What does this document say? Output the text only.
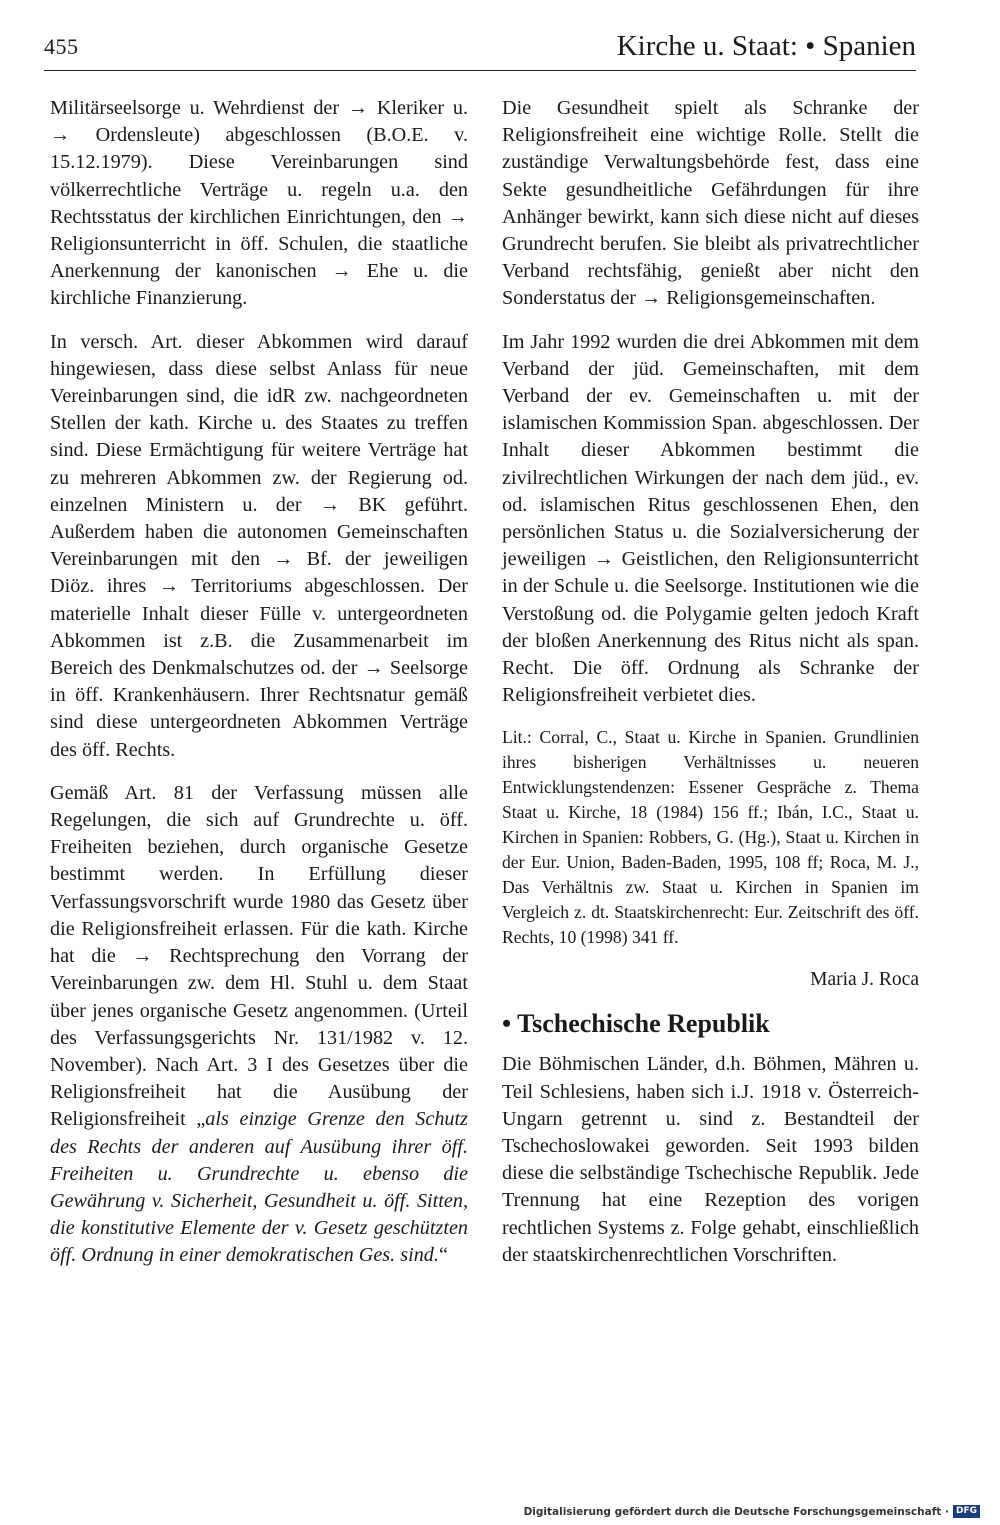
455	Kirche u. Staat: • Spanien

Militärseelsorge u. Wehrdienst der → Kleriker u. → Ordensleute) abgeschlossen (B.O.E. v. 15.12.1979). Diese Vereinbarungen sind völkerrechtliche Verträge u. regeln u.a. den Rechtsstatus der kirchlichen Einrichtungen, den → Religionsunterricht in öff. Schulen, die staatliche Anerkennung der kanonischen → Ehe u. die kirchliche Finanzierung.

In versch. Art. dieser Abkommen wird darauf hingewiesen, dass diese selbst Anlass für neue Vereinbarungen sind, die idR zw. nachgeordneten Stellen der kath. Kirche u. des Staates zu treffen sind. Diese Ermächtigung für weitere Verträge hat zu mehreren Abkommen zw. der Regierung od. einzelnen Ministern u. der → BK geführt. Außerdem haben die autonomen Gemeinschaften Vereinbarungen mit den → Bf. der jeweiligen Diöz. ihres → Territoriums abgeschlossen. Der materielle Inhalt dieser Fülle v. untergeordneten Abkommen ist z.B. die Zusammenarbeit im Bereich des Denkmalschutzes od. der → Seelsorge in öff. Krankenhäusern. Ihrer Rechtsnatur gemäß sind diese untergeordneten Abkommen Verträge des öff. Rechts.

Gemäß Art. 81 der Verfassung müssen alle Regelungen, die sich auf Grundrechte u. öff. Freiheiten beziehen, durch organische Gesetze bestimmt werden. In Erfüllung dieser Verfassungsvorschrift wurde 1980 das Gesetz über die Religionsfreiheit erlassen. Für die kath. Kirche hat die → Rechtsprechung den Vorrang der Vereinbarungen zw. dem Hl. Stuhl u. dem Staat über jenes organische Gesetz angenommen. (Urteil des Verfassungsgerichts Nr. 131/1982 v. 12. November). Nach Art. 3 I des Gesetzes über die Religionsfreiheit hat die Ausübung der Religionsfreiheit „als einzige Grenze den Schutz des Rechts der anderen auf Ausübung ihrer öff. Freiheiten u. Grundrechte u. ebenso die Gewährung v. Sicherheit, Gesundheit u. öff. Sitten, die konstitutive Elemente der v. Gesetz geschützten öff. Ordnung in einer demokratischen Ges. sind.“

Die Gesundheit spielt als Schranke der Religionsfreiheit eine wichtige Rolle. Stellt die zuständige Verwaltungsbehörde fest, dass eine Sekte gesundheitliche Gefährdungen für ihre Anhänger bewirkt, kann sich diese nicht auf dieses Grundrecht berufen. Sie bleibt als privatrechtlicher Verband rechtsfähig, genießt aber nicht den Sonderstatus der → Religionsgemeinschaften.

Im Jahr 1992 wurden die drei Abkommen mit dem Verband der jüd. Gemeinschaften, mit dem Verband der ev. Gemeinschaften u. mit der islamischen Kommission Span. abgeschlossen. Der Inhalt dieser Abkommen bestimmt die zivilrechtlichen Wirkungen der nach dem jüd., ev. od. islamischen Ritus geschlossenen Ehen, den persönlichen Status u. die Sozialversicherung der jeweiligen → Geistlichen, den Religionsunterricht in der Schule u. die Seelsorge. Institutionen wie die Verstoßung od. die Polygamie gelten jedoch Kraft der bloßen Anerkennung des Ritus nicht als span. Recht. Die öff. Ordnung als Schranke der Religionsfreiheit verbietet dies.

Lit.: Corral, C., Staat u. Kirche in Spanien. Grundlinien ihres bisherigen Verhältnisses u. neueren Entwicklungstendenzen: Essener Gespräche z. Thema Staat u. Kirche, 18 (1984) 156 ff.; Ibán, I.C., Staat u. Kirchen in Spanien: Robbers, G. (Hg.), Staat u. Kirchen in der Eur. Union, Baden-Baden, 1995, 108 ff; Roca, M. J., Das Verhältnis zw. Staat u. Kirchen in Spanien im Vergleich z. dt. Staatskirchenrecht: Eur. Zeitschrift des öff. Rechts, 10 (1998) 341 ff.

Maria J. Roca

• Tschechische Republik

Die Böhmischen Länder, d.h. Böhmen, Mähren u. Teil Schlesiens, haben sich i.J. 1918 v. Österreich-Ungarn getrennt u. sind z. Bestandteil der Tschechoslowakei geworden. Seit 1993 bilden diese die selbständige Tschechische Republik. Jede Trennung hat eine Rezeption des vorigen rechtlichen Systems z. Folge gehabt, einschließlich der staatskirchenrechtlichen Vorschriften.

Digitalisierung gefördert durch die Deutsche Forschungsgemeinschaft · DFG
